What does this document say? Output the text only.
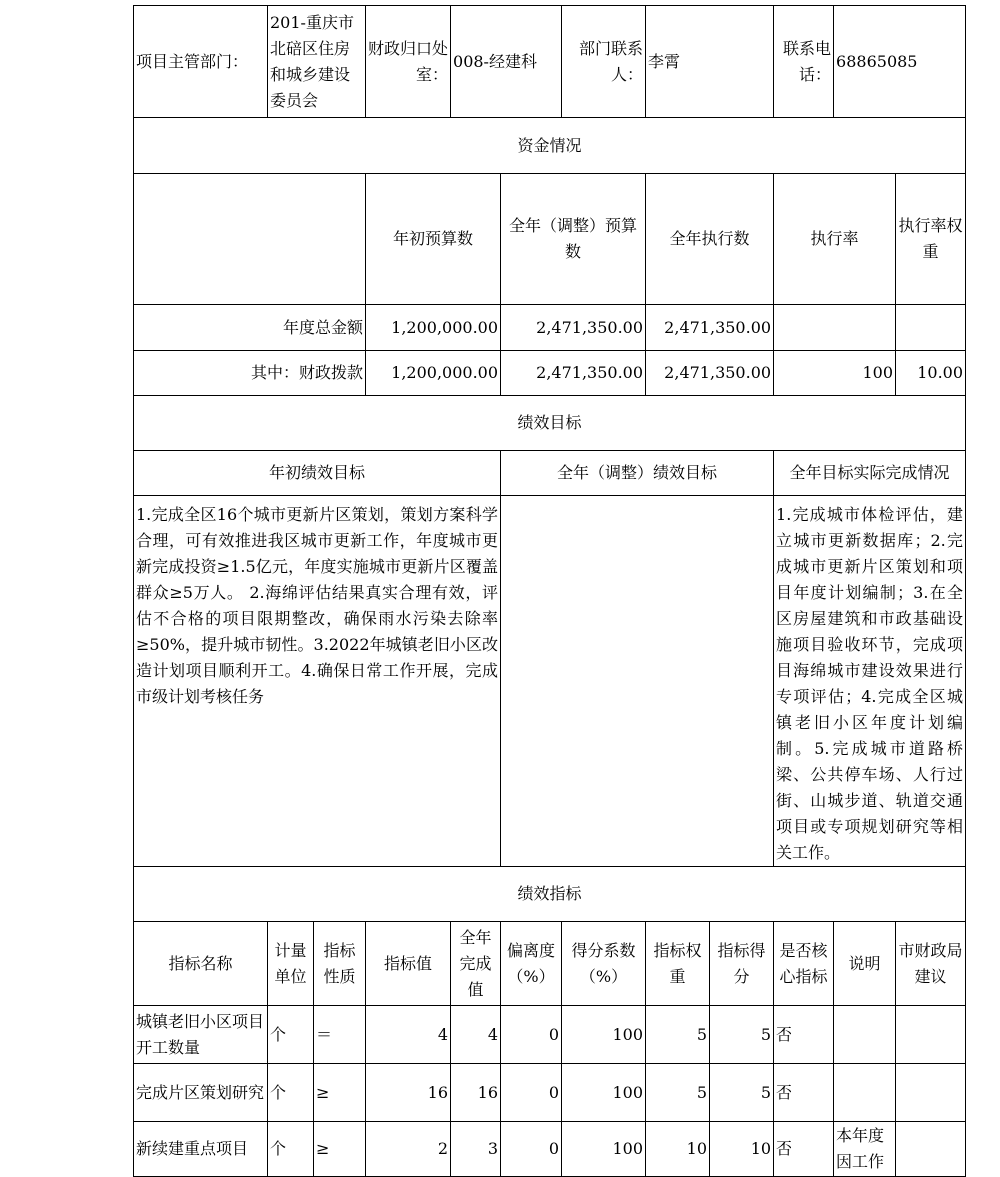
项目主管部门：	201-重庆市北碚区住房和城乡建设委员会		财政归口处室：	008-经建科		部门联系人：	李霄		联系电话：	68865085		
资金情况												
			年初预算数		全年（调整）预算数		全年执行数		执行率		执行率权重	
年度总金额			1,200,000.00		2,471,350.00		2,471,350.00					
其中：财政拨款			1,200,000.00		2,471,350.00		2,471,350.00		100		10.00	
绩效目标												
年初绩效目标					全年（调整）绩效目标				全年目标实际完成情况			
1.完成全区16个城市更新片区策划，策划方案科学合理，可有效推进我区城市更新工作，年度城市更新完成投资≥1.5亿元，年度实施城市更新片区覆盖群众≥5万人。 2.海绵评估结果真实合理有效，评估不合格的项目限期整改，确保雨水污染去除率≥50%，提升城市韧性。3.2022年城镇老旧小区改造计划项目顺利开工。4.确保日常工作开展，完成市级计划考核任务									1.完成城市体检评估，建立城市更新数据库；2.完成城市更新片区策划和项目年度计划编制；3.在全区房屋建筑和市政基础设施项目验收环节，完成项目海绵城市建设效果进行专项评估；4.完成全区城镇老旧小区年度计划编制。5.完成城市道路桥梁、公共停车场、人行过街、山城步道、轨道交通项目或专项规划研究等相关工作。			
绩效指标												
指标名称	计量单位	指标性质	指标值	全年完成值	偏离度（%）	得分系数（%）	指标权重	指标得分	是否核心指标	说明	市财政局建议	
城镇老旧小区项目开工数量	个	＝	4	4	0	100	5	5	否			
完成片区策划研究	个	≥	16	16	0	100	5	5	否			
新续建重点项目	个	≥	2	3	0	100	10	10	否	本年度因工作		
